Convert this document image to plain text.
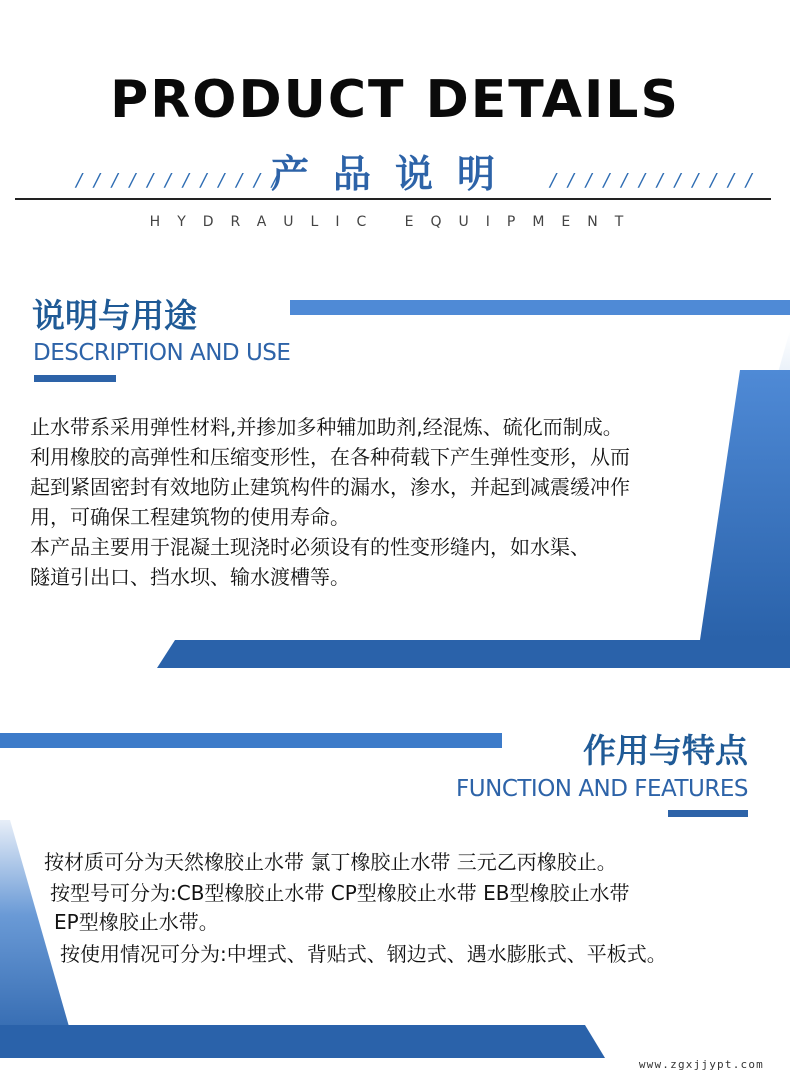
PRODUCT DETAILS
/ / / / / / / / / / / /
产品说明	/ / / / / / / / / / / /
HYDRAULIC EQUIPMENT
说明与用途
DESCRIPTION AND USE

止水带系采用弹性材料,并掺加多种辅加助剂,经混炼、硫化而制成。

利用橡胶的高弹性和压缩变形性，在各种荷载下产生弹性变形，从而

起到紧固密封有效地防止建筑构件的漏水，渗水，并起到减震缓冲作

用，可确保工程建筑物的使用寿命。

本产品主要用于混凝土现浇时必须设有的性变形缝内，如水渠、

隧道引出口、挡水坝、输水渡槽等。

作用与特点
FUNCTION AND FEATURES
按材质可分为天然橡胶止水带 氯丁橡胶止水带 三元乙丙橡胶止。
按型号可分为:CB型橡胶止水带 CP型橡胶止水带 EB型橡胶止水带
EP型橡胶止水带。
按使用情况可分为:中埋式、背贴式、钢边式、遇水膨胀式、平板式。
www.zgxjjypt.com
